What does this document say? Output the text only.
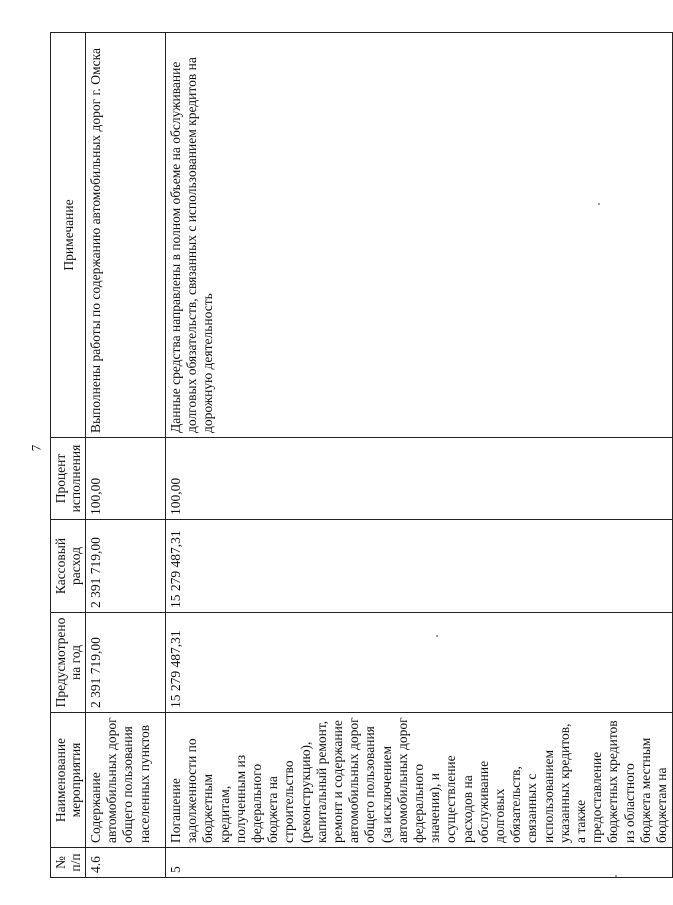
7
№ п/п	Наименование мероприятия	Предусмотрено на год	Кассовый расход	Процент исполнения	Примечание
4.6	Содержание автомобильных дорог общего пользования населенных пунктов	2 391 719,00	2 391 719,00	100,00	Выполнены работы по содержанию автомобильных дорог г. Омска
5	Погашение задолженности по бюджетным кредитам, полученным из федерального бюджета на строительство (реконструкцию), капитальный ремонт, ремонт и содержание автомобильных дорог общего пользования (за исключением автомобильных дорог федерального значения), и осуществление расходов на обслуживание долговых обязательств, связанных с использованием указанных кредитов, а также предоставление бюджетных кредитов из областного бюджета местным бюджетам на	15 279 487,31	15 279 487,31	100,00	Данные средства направлены в полном объеме на обслуживание долговых обязательств, связанных с использованием кредитов на дорожную деятельность
